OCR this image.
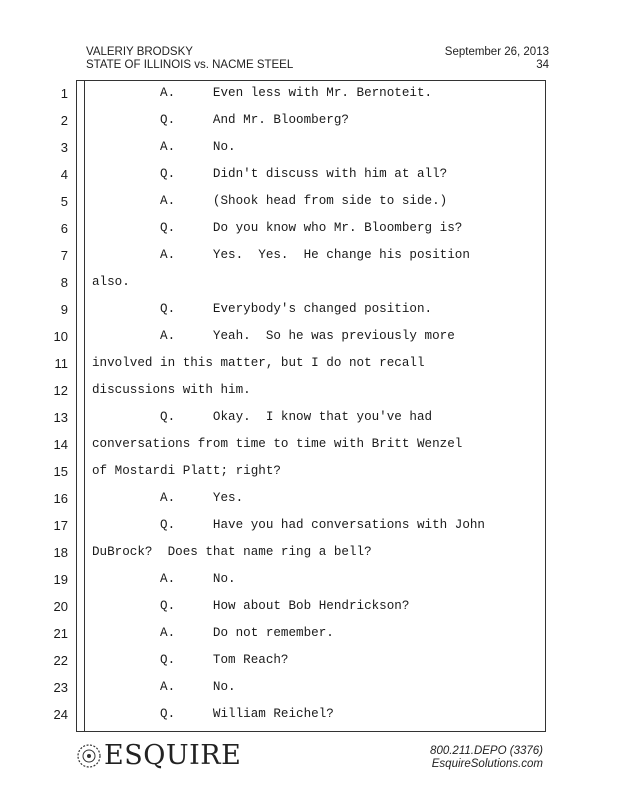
VALERIY BRODSKY
STATE OF ILLINOIS vs. NACME STEEL
September 26, 2013
34
1 A.     Even less with Mr. Bernoteit.
2 Q.     And Mr. Bloomberg?
3 A.     No.
4 Q.     Didn't discuss with him at all?
5 A.     (Shook head from side to side.)
6 Q.     Do you know who Mr. Bloomberg is?
7 A.     Yes.  Yes.  He change his position
8 also.
9 Q.     Everybody's changed position.
10 A.     Yeah.  So he was previously more
11 involved in this matter, but I do not recall
12 discussions with him.
13 Q.     Okay.  I know that you've had
14 conversations from time to time with Britt Wenzel
15 of Mostardi Platt; right?
16 A.     Yes.
17 Q.     Have you had conversations with John
18 DuBrock?  Does that name ring a bell?
19 A.     No.
20 Q.     How about Bob Hendrickson?
21 A.     Do not remember.
22 Q.     Tom Reach?
23 A.     No.
24 Q.     William Reichel?
ESQUIRE	800.211.DEPO (3376)
EsquireSolutions.com
